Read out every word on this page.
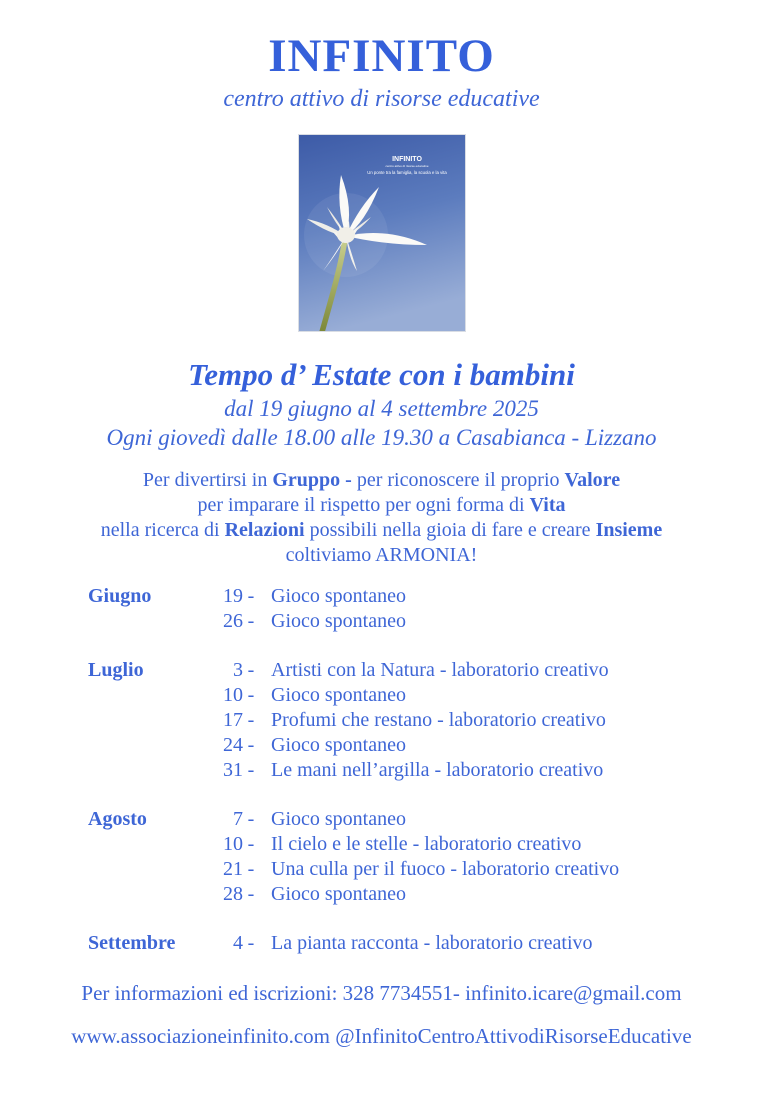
INFINITO
centro attivo di risorse educative
INFINITO
centro attivo di risorse educative
Un ponte tra la famiglia, la scuola e la vita
Tempo d’ Estate con i bambini
dal 19 giugno al 4 settembre 2025
Ogni giovedì dalle 18.00 alle 19.30 a Casabianca - Lizzano
Per divertirsi in Gruppo - per riconoscere il proprio Valore
per imparare il rispetto per ogni forma di Vita
nella ricerca di Relazioni possibili nella gioia di fare e creare Insieme
coltiviamo ARMONIA!
Giugno	19 - Gioco spontaneo
26 - Gioco spontaneo
Luglio	3 - Artisti con la Natura - laboratorio creativo
10 - Gioco spontaneo
17 - Profumi che restano - laboratorio creativo
24 - Gioco spontaneo
31 - Le mani nell’argilla - laboratorio creativo
Agosto	7 - Gioco spontaneo
10 - Il cielo e le stelle - laboratorio creativo
21 - Una culla per il fuoco - laboratorio creativo
28 - Gioco spontaneo
Settembre	4 - La pianta racconta - laboratorio creativo
Per informazioni ed iscrizioni: 328 7734551- infinito.icare@gmail.com
www.associazioneinfinito.com @InfinitoCentroAttivodiRisorseEducative
